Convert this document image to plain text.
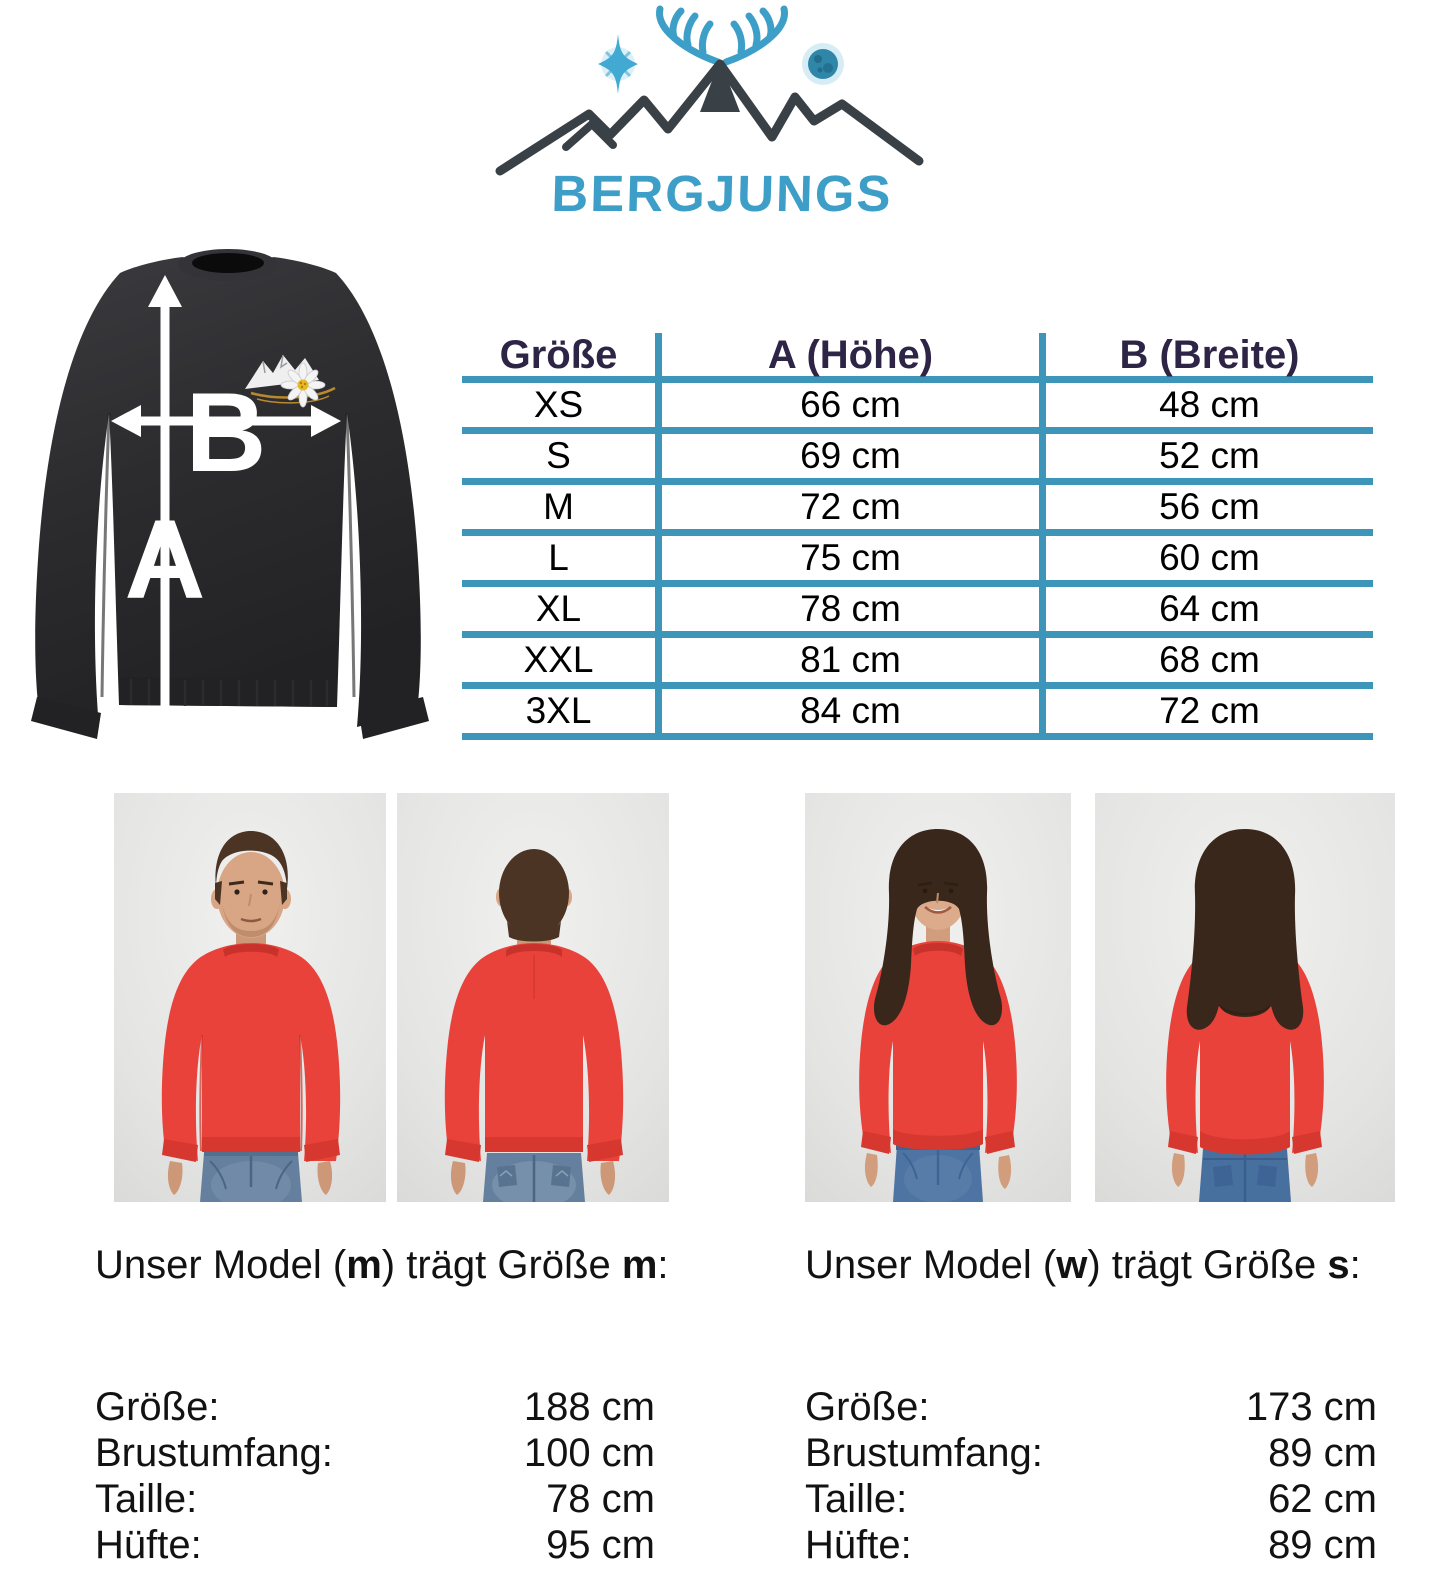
BERGJUNGS
A
B
Größe	A (Höhe)	B (Breite)
XS	66 cm	48 cm
S	69 cm	52 cm
M	72 cm	56 cm
L	75 cm	60 cm
XL	78 cm	64 cm
XXL	81 cm	68 cm
3XL	84 cm	72 cm
Unser Model (m) trägt Größe m:	Unser Model (w) trägt Größe s:
Größe:	188 cm
Brustumfang:	100 cm
Taille:	78 cm
Hüfte:	95 cm
Größe:	173 cm
Brustumfang:	89 cm
Taille:	62 cm
Hüfte:	89 cm
